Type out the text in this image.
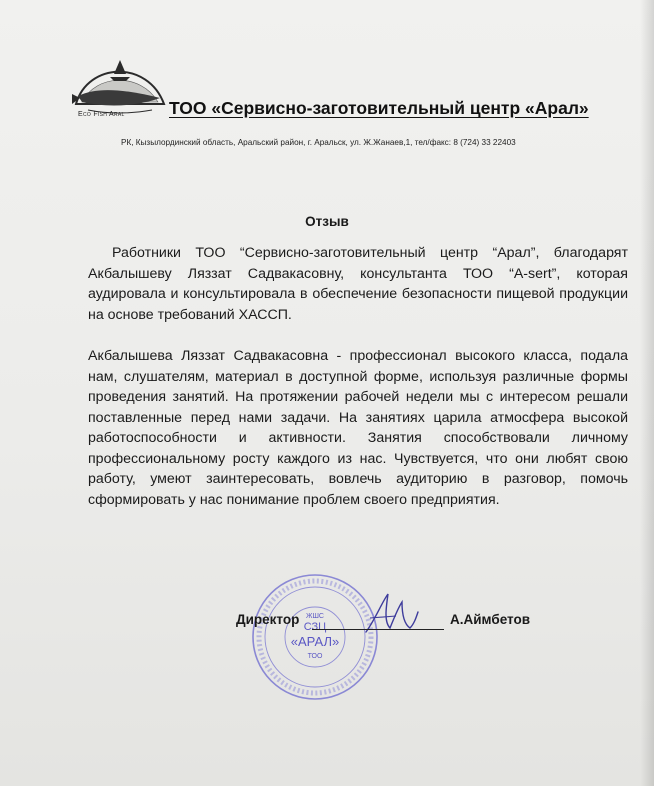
Eco Fish Aral	ТОО «Сервисно-заготовительный центр «Арал»
РК, Кызылординский область, Аральский район, г. Аральск, ул. Ж.Жанаев,1, тел/факс: 8 (724) 33 22403
Отзыв
Работники ТОО “Сервисно-заготовительный центр “Арал”, благодарят Акбалышеву Ляззат Садвакасовну, консультанта ТОО “A-sert”, которая аудировала и консультировала в обеспечение безопасности пищевой продукции на основе требований ХАССП.
Акбалышева Ляззат Садвакасовна - профессионал высокого класса, подала нам, слушателям, материал в доступной форме, используя различные формы проведения занятий. На протяжении рабочей недели мы с интересом решали поставленные перед нами задачи. На занятиях царила атмосфера высокой работоспособности и активности. Занятия способствовали личному профессиональному росту каждого из нас. Чувствуется, что они любят свою работу, умеют заинтересовать, вовлечь аудиторию в разговор, помочь сформировать у нас понимание проблем своего предприятия.
ЖШС
СЗЦ
«АРАЛ»
ТОО
Директор	А.Аймбетов
